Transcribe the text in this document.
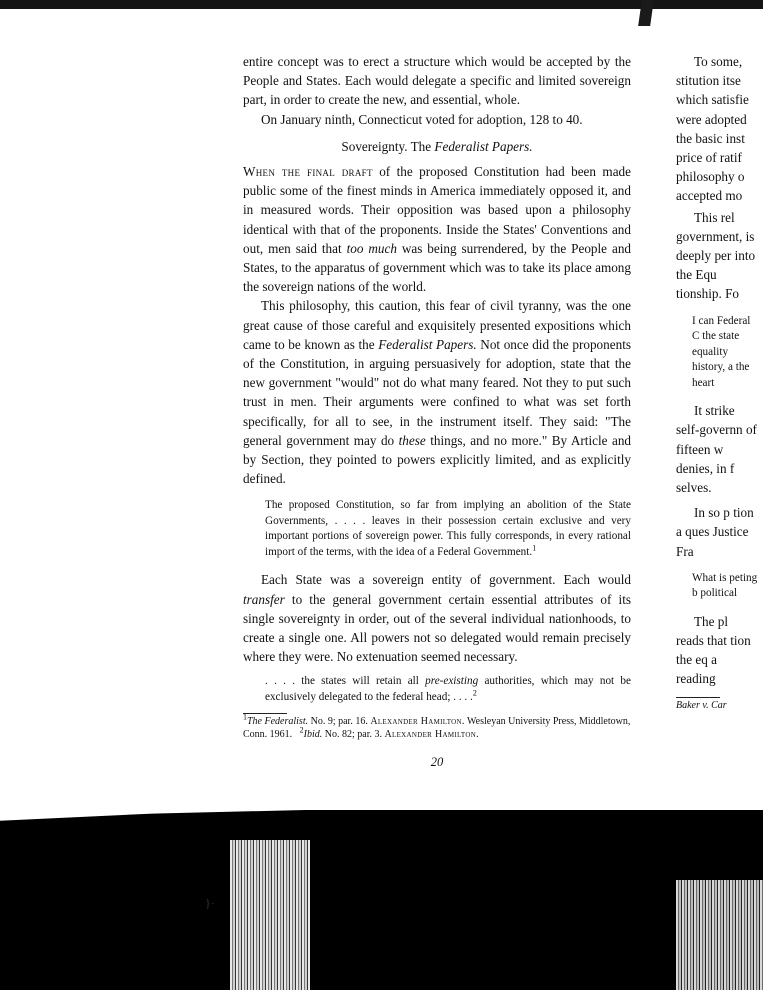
}·

entire concept was to erect a structure which would be accepted by the People and States. Each would delegate a specific and limited sovereign part, in order to create the new, and essential, whole.

On January ninth, Connecticut voted for adoption, 128 to 40.

Sovereignty. The Federalist Papers.

When the final draft of the proposed Constitution had been made public some of the finest minds in America immediately opposed it, and in measured words. Their opposition was based upon a philosophy identical with that of the proponents. Inside the States' Conventions and out, men said that too much was being surrendered, by the People and States, to the apparatus of government which was to take its place among the sovereign nations of the world.

This philosophy, this caution, this fear of civil tyranny, was the one great cause of those careful and exquisitely presented expositions which came to be known as the Federalist Papers. Not once did the proponents of the Constitution, in arguing persuasively for adoption, state that the new government "would" not do what many feared. Not they to put such trust in men. Their arguments were confined to what was set forth specifically, for all to see, in the instrument itself. They said: "The general government may do these things, and no more." By Article and by Section, they pointed to powers explicitly limited, and as explicitly defined.

The proposed Constitution, so far from implying an abolition of the State Governments, . . . . leaves in their possession certain exclusive and very important portions of sovereign power. This fully corresponds, in every rational import of the terms, with the idea of a Federal Government.$^1$

Each State was a sovereign entity of government. Each would transfer to the general government certain essential attributes of its single sovereignty in order, out of the several individual nationhoods, to create a single one. All powers not so delegated would remain precisely where they were. No extenuation seemed necessary.

. . . . the states will retain all pre-existing authorities, which may not be exclusively delegated to the federal head; . . . .$^2$
$^1$The Federalist. No. 9; par. 16. Alexander Hamilton. Wesleyan University Press, Middletown, Conn. 1961. $^2$Ibid. No. 82; par. 3. Alexander Hamilton.
20

To some, stitution itse which satisfie were adopted the basic inst price of ratif philosophy o accepted mo

This rel government, is deeply per into the Equ tionship. Fo

I can Federal C the state equality history, a the heart

It strike self-governn of fifteen w denies, in f selves.

In so p tion a ques Justice Fra

What is peting b political

The pl reads that tion the eq a reading

Baker v. Car
